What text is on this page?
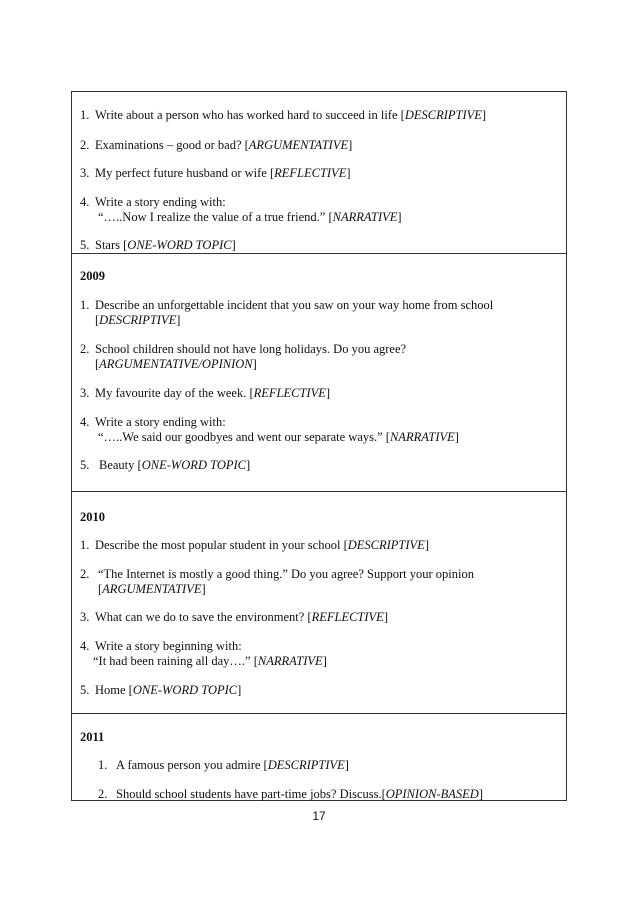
1. Write about a person who has worked hard to succeed in life [DESCRIPTIVE]
2. Examinations – good or bad? [ARGUMENTATIVE]
3. My perfect future husband or wife [REFLECTIVE]
4. Write a story ending with:
“…..Now I realize the value of a true friend.” [NARRATIVE]
5. Stars [ONE-WORD TOPIC]
2009
1. Describe an unforgettable incident that you saw on your way home from school
[DESCRIPTIVE]
2. School children should not have long holidays. Do you agree?
[ARGUMENTATIVE/OPINION]
3. My favourite day of the week. [REFLECTIVE]
4. Write a story ending with:
“…..We said our goodbyes and went our separate ways.” [NARRATIVE]
5. Beauty [ONE-WORD TOPIC]
2010
1. Describe the most popular student in your school [DESCRIPTIVE]
2. “The Internet is mostly a good thing.” Do you agree? Support your opinion
[ARGUMENTATIVE]
3. What can we do to save the environment? [REFLECTIVE]
4. Write a story beginning with:
“It had been raining all day….” [NARRATIVE]
5. Home [ONE-WORD TOPIC]
2011
1. A famous person you admire [DESCRIPTIVE]
2. Should school students have part-time jobs? Discuss.[OPINION-BASED]
17
